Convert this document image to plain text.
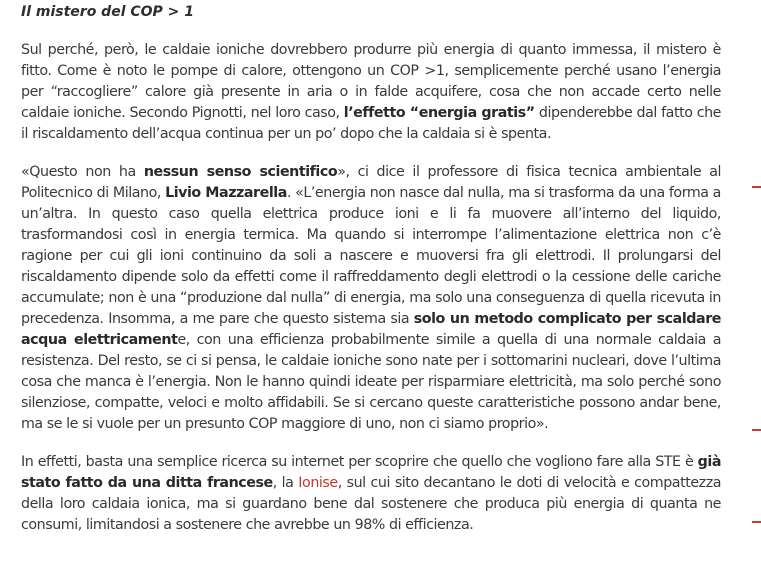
Il mistero del COP > 1

Sul perché, però, le caldaie ioniche dovrebbero produrre più energia di quanto immessa, il mistero è fitto. Come è noto le pompe di calore, ottengono un COP >1, semplicemente perché usano l’energia per “raccogliere” calore già presente in aria o in falde acquifere, cosa che non accade certo nelle caldaie ioniche. Secondo Pignotti, nel loro caso, l’effetto “energia gratis” dipenderebbe dal fatto che il riscaldamento dell’acqua continua per un po’ dopo che la caldaia si è spenta.

«Questo non ha nessun senso scientifico», ci dice il professore di fisica tecnica ambientale al Politecnico di Milano, Livio Mazzarella. «L’energia non nasce dal nulla, ma si trasforma da una forma a un’altra. In questo caso quella elettrica produce ioni e li fa muovere all’interno del liquido, trasformandosi così in energia termica. Ma quando si interrompe l’alimentazione elettrica non c’è ragione per cui gli ioni continuino da soli a nascere e muoversi fra gli elettrodi. Il prolungarsi del riscaldamento dipende solo da effetti come il raffreddamento degli elettrodi o la cessione delle cariche accumulate; non è una “produzione dal nulla” di energia, ma solo una conseguenza di quella ricevuta in precedenza. Insomma, a me pare che questo sistema sia solo un metodo complicato per scaldare acqua elettricamente, con una efficienza probabilmente simile a quella di una normale caldaia a resistenza. Del resto, se ci si pensa, le caldaie ioniche sono nate per i sottomarini nucleari, dove l’ultima cosa che manca è l’energia. Non le hanno quindi ideate per risparmiare elettricità, ma solo perché sono silenziose, compatte, veloci e molto affidabili. Se si cercano queste caratteristiche possono andar bene, ma se le si vuole per un presunto COP maggiore di uno, non ci siamo proprio».

In effetti, basta una semplice ricerca su internet per scoprire che quello che vogliono fare alla STE è già stato fatto da una ditta francese, la Ionise, sul cui sito decantano le doti di velocità e compattezza della loro caldaia ionica, ma si guardano bene dal sostenere che produca più energia di quanta ne consumi, limitandosi a sostenere che avrebbe un 98% di efficienza.
